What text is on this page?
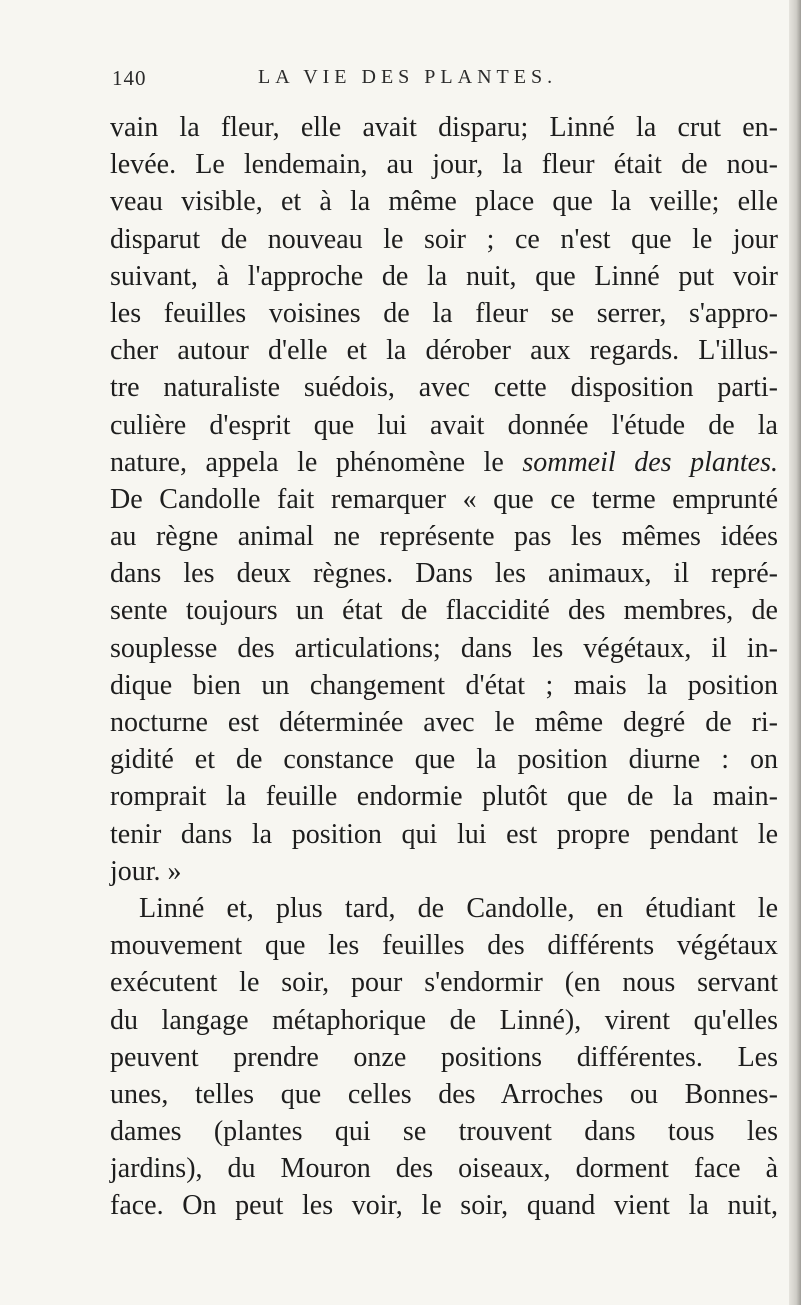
140	LA VIE DES PLANTES.
vain la fleur, elle avait disparu; Linné la crut en-
levée. Le lendemain, au jour, la fleur était de nou-
veau visible, et à la même place que la veille; elle
disparut de nouveau le soir ; ce n'est que le jour
suivant, à l'approche de la nuit, que Linné put voir
les feuilles voisines de la fleur se serrer, s'appro-
cher autour d'elle et la dérober aux regards. L'illus-
tre naturaliste suédois, avec cette disposition parti-
culière d'esprit que lui avait donnée l'étude de la
nature, appela le phénomène le sommeil des plantes.
De Candolle fait remarquer « que ce terme emprunté
au règne animal ne représente pas les mêmes idées
dans les deux règnes. Dans les animaux, il repré-
sente toujours un état de flaccidité des membres, de
souplesse des articulations; dans les végétaux, il in-
dique bien un changement d'état ; mais la position
nocturne est déterminée avec le même degré de ri-
gidité et de constance que la position diurne : on
romprait la feuille endormie plutôt que de la main-
tenir dans la position qui lui est propre pendant le
jour. »
Linné et, plus tard, de Candolle, en étudiant le
mouvement que les feuilles des différents végétaux
exécutent le soir, pour s'endormir (en nous servant
du langage métaphorique de Linné), virent qu'elles
peuvent prendre onze positions différentes. Les
unes, telles que celles des Arroches ou Bonnes-
dames (plantes qui se trouvent dans tous les
jardins), du Mouron des oiseaux, dorment face à
face. On peut les voir, le soir, quand vient la nuit,
